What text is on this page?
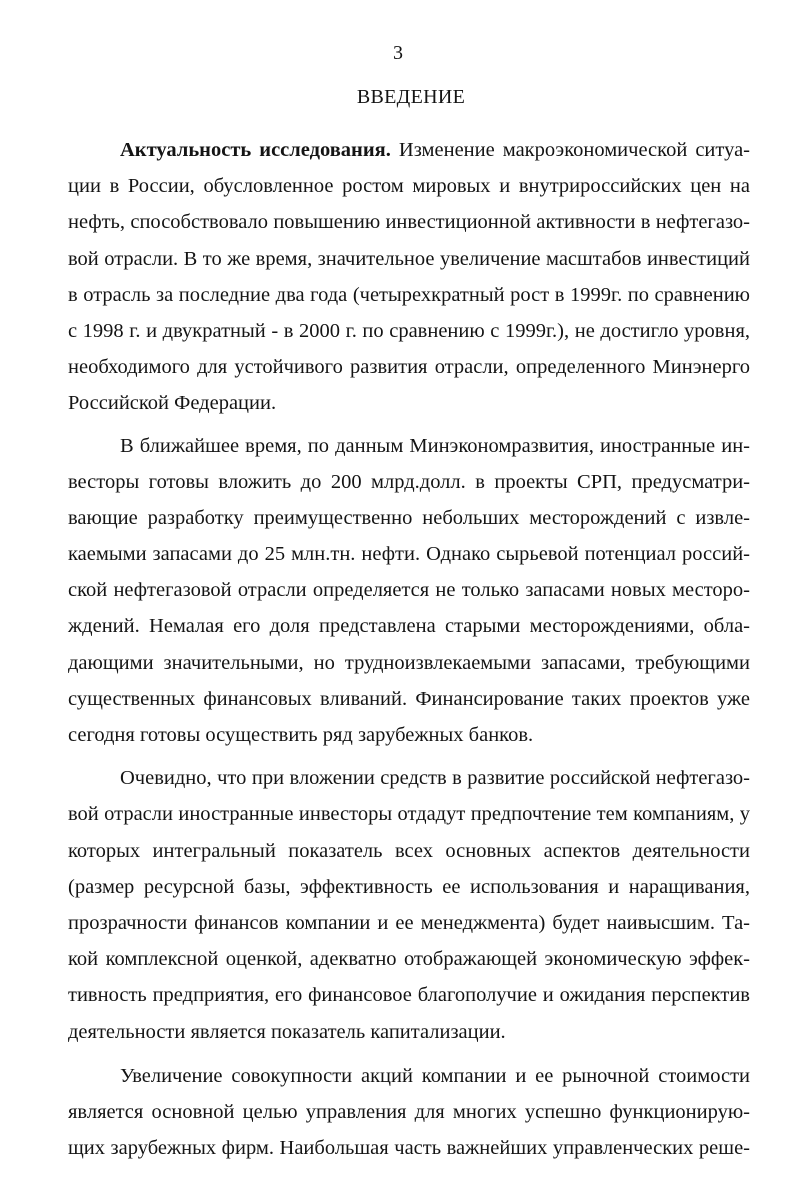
3
ВВЕДЕНИЕ
Актуальность исследования. Изменение макроэкономической ситуа-
ции в России, обусловленное ростом мировых и внутрироссийских цен на
нефть, способствовало повышению инвестиционной активности в нефтегазо-
вой отрасли. В то же время, значительное увеличение масштабов инвестиций
в отрасль за последние два года (четырехкратный рост в 1999г. по сравнению
с 1998 г. и двукратный - в 2000 г. по сравнению с 1999г.), не достигло уровня,
необходимого для устойчивого развития отрасли, определенного Минэнерго
Российской Федерации.
В ближайшее время, по данным Минэкономразвития, иностранные ин-
весторы готовы вложить до 200 млрд.долл. в проекты СРП, предусматри-
вающие разработку преимущественно небольших месторождений с извле-
каемыми запасами до 25 млн.тн. нефти. Однако сырьевой потенциал россий-
ской нефтегазовой отрасли определяется не только запасами новых месторо-
ждений. Немалая его доля представлена старыми месторождениями, обла-
дающими значительными, но трудноизвлекаемыми запасами, требующими
существенных финансовых вливаний. Финансирование таких проектов уже
сегодня готовы осуществить ряд зарубежных банков.
Очевидно, что при вложении средств в развитие российской нефтегазо-
вой отрасли иностранные инвесторы отдадут предпочтение тем компаниям, у
которых интегральный показатель всех основных аспектов деятельности
(размер ресурсной базы, эффективность ее использования и наращивания,
прозрачности финансов компании и ее менеджмента) будет наивысшим. Та-
кой комплексной оценкой, адекватно отображающей экономическую эффек-
тивность предприятия, его финансовое благополучие и ожидания перспектив
деятельности является показатель капитализации.
Увеличение совокупности акций компании и ее рыночной стоимости
является основной целью управления для многих успешно функционирую-
щих зарубежных фирм. Наибольшая часть важнейших управленческих реше-
